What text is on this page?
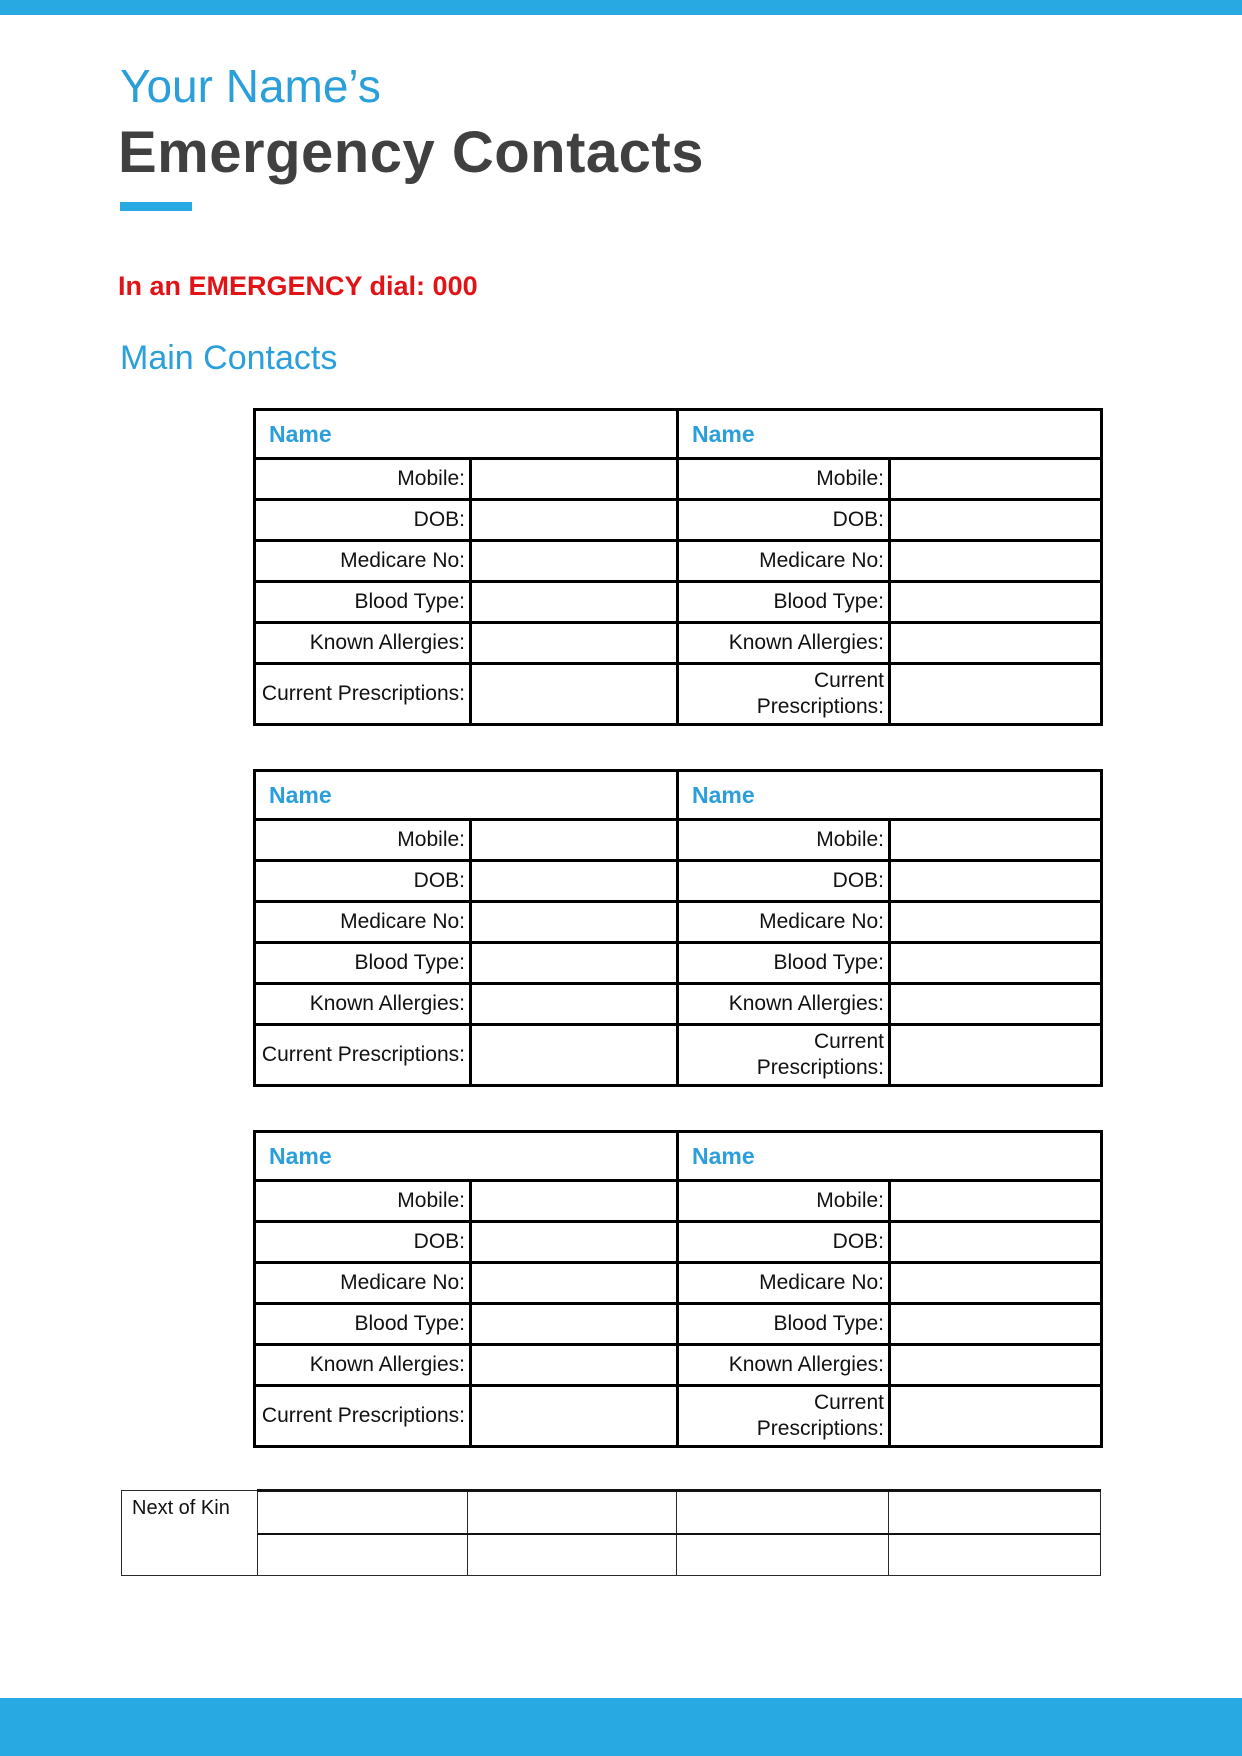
Your Name’s
Emergency Contacts
In an EMERGENCY dial: 000
Main Contacts
Name		Name	
Mobile:		Mobile:	
DOB:		DOB:	
Medicare No:		Medicare No:	
Blood Type:		Blood Type:	
Known Allergies:		Known Allergies:	
Current Prescriptions:		Current Prescriptions:	
Name		Name	
Mobile:		Mobile:	
DOB:		DOB:	
Medicare No:		Medicare No:	
Blood Type:		Blood Type:	
Known Allergies:		Known Allergies:	
Current Prescriptions:		Current Prescriptions:	
Name		Name	
Mobile:		Mobile:	
DOB:		DOB:	
Medicare No:		Medicare No:	
Blood Type:		Blood Type:	
Known Allergies:		Known Allergies:	
Current Prescriptions:		Current Prescriptions:	
Next of Kin				
